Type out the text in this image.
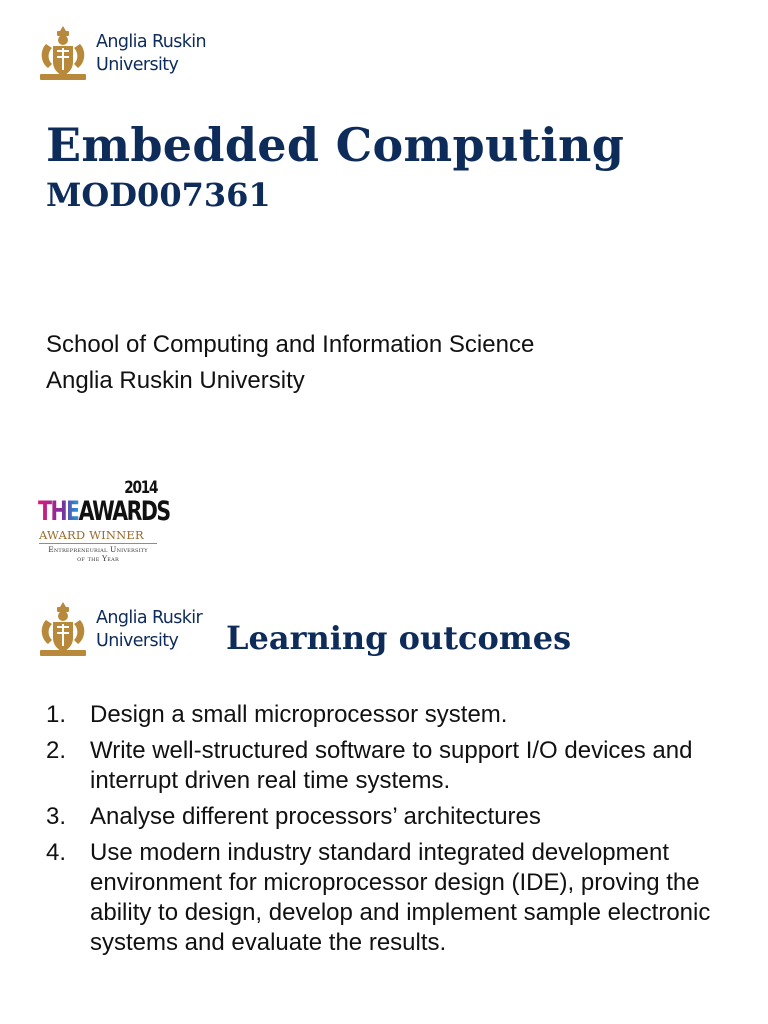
Anglia Ruskin
University
Embedded Computing
MOD007361
School of Computing and Information Science
Anglia Ruskin University
2014
THEAWARDS
AWARD WINNER
Entrepreneurial University
of the Year
Anglia Ruskir
University	Learning outcomes
1. Design a small microprocessor system.
2. Write well-structured software to support I/O devices and interrupt driven real time systems.
3. Analyse different processors’ architectures
4. Use modern industry standard integrated development environment for microprocessor design (IDE), proving the ability to design, develop and implement sample electronic systems and evaluate the results.
